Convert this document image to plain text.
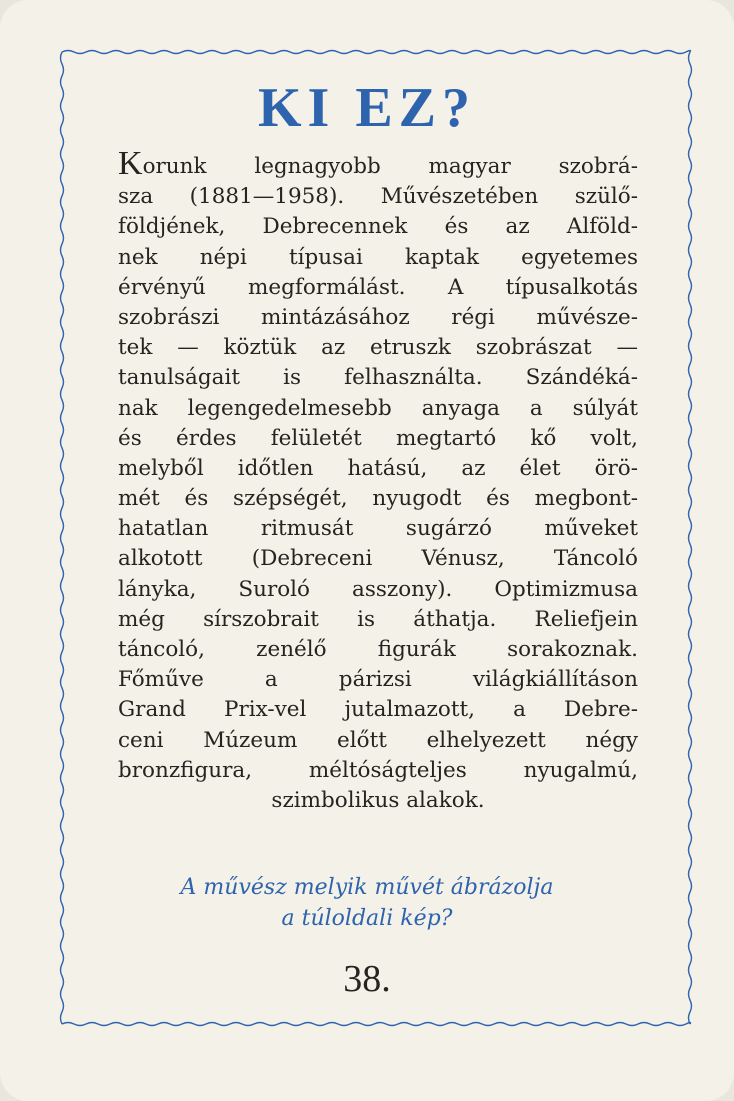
KI EZ?
Korunk legnagyobb magyar szobrá-
sza (1881—1958). Művészetében szülő-
földjének, Debrecennek és az Alföld-
nek népi típusai kaptak egyetemes
érvényű megformálást. A típusalkotás
szobrászi mintázásához régi művésze-
tek — köztük az etruszk szobrászat —
tanulságait is felhasználta. Szándéká-
nak legengedelmesebb anyaga a súlyát
és érdes felületét megtartó kő volt,
melyből időtlen hatású, az élet örö-
mét és szépségét, nyugodt és megbont-
hatatlan ritmusát sugárzó műveket
alkotott (Debreceni Vénusz, Táncoló
lányka, Suroló asszony). Optimizmusa
még sírszobrait is áthatja. Reliefjein
táncoló, zenélő figurák sorakoznak.
Főműve a párizsi világkiállításon
Grand Prix-vel jutalmazott, a Debre-
ceni Múzeum előtt elhelyezett négy
bronzfigura, méltóságteljes nyugalmú,
szimbolikus alakok.
A művész melyik művét ábrázolja
a túloldali kép?
38.
